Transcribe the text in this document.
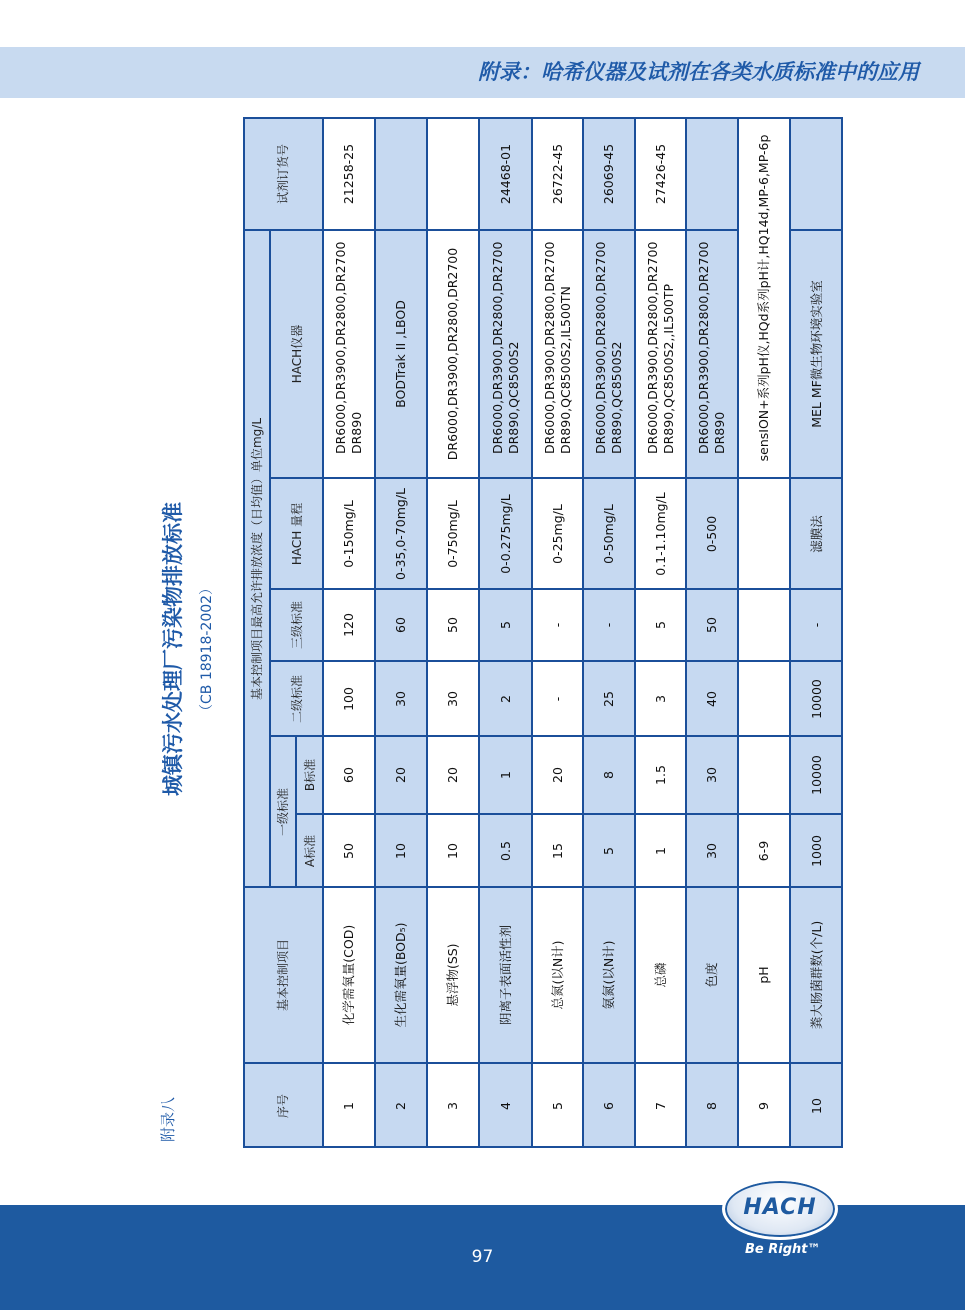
附录：哈希仪器及试剂在各类水质标准中的应用
附录八
城镇污水处理厂污染物排放标准 （CB 18918-2002）
序号
基本控制项目
基本控制项目最高允许排放浓度（日均值）单位mg/L
一级标准
A标准
B标准
二级标准
三级标准
HACH 量程
HACH仪器
试剂订货号
1
化学需氧量(COD)
50
60
100
120
0-150mg/L
DR6000,DR3900,DR2800,DR2700 DR890
21258-25
2
生化需氧量(BOD₅)
10
20
30
60
0-35,0-70mg/L
BODTrak II ,LBOD
3
悬浮物(SS)
10
20
30
50
0-750mg/L
DR6000,DR3900,DR2800,DR2700
4
阴离子表面活性剂
0.5
1
2
5
0-0.275mg/L
DR6000,DR3900,DR2800,DR2700 DR890,QC8500S2
24468-01
5
总氮(以N计)
15
20
-
-
0-25mg/L
DR6000,DR3900,DR2800,DR2700 DR890,QC8500S2,IL500TN
26722-45
6
氨氮(以N计)
5
8
25
-
0-50mg/L
DR6000,DR3900,DR2800,DR2700 DR890,QC8500S2
26069-45
7
总磷
1
1.5
3
5
0.1-1.10mg/L
DR6000,DR3900,DR2800,DR2700 DR890,QC8500S2,,IL500TP
27426-45
8
色度
30
30
40
50
0-500
DR6000,DR3900,DR2800,DR2700 DR890
9
pH
6-9
sensION+系列pH仪,HQd系列pH计,HQ14d,MP-6,MP-6p
10
粪大肠菌群数(个/L)
1000
10000
10000
-
滤膜法
MEL MF微生物环境实验室
97
HACH
®
Be Right™
